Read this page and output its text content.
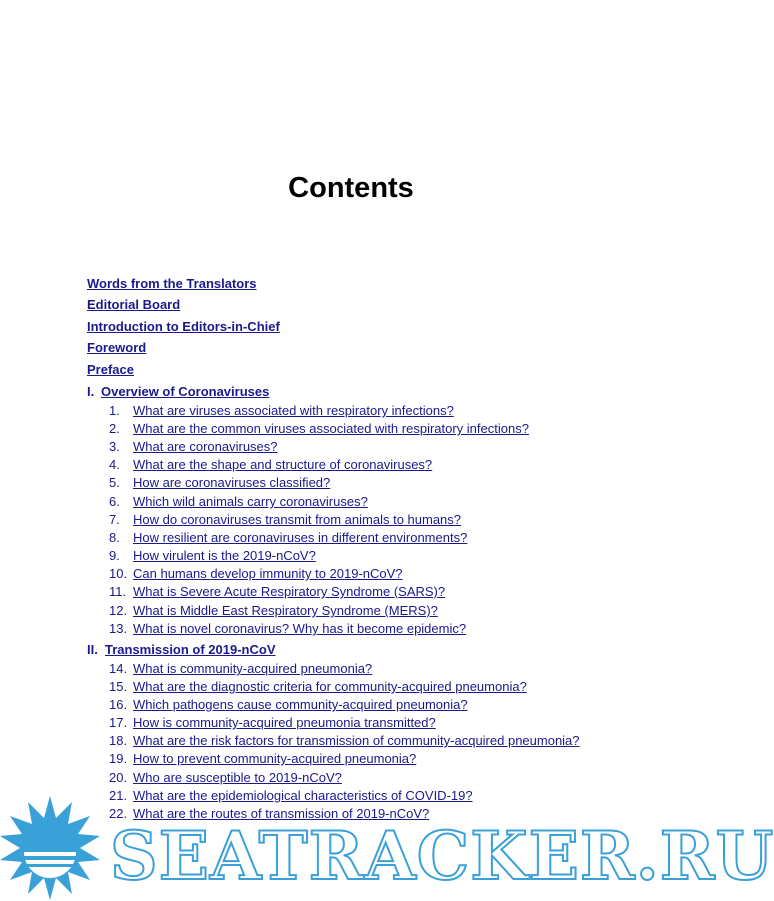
Contents
Words from the Translators
Editorial Board
Introduction to Editors-in-Chief
Foreword
Preface
I. Overview of Coronaviruses
1. What are viruses associated with respiratory infections?
2. What are the common viruses associated with respiratory infections?
3. What are coronaviruses?
4. What are the shape and structure of coronaviruses?
5. How are coronaviruses classified?
6. Which wild animals carry coronaviruses?
7. How do coronaviruses transmit from animals to humans?
8. How resilient are coronaviruses in different environments?
9. How virulent is the 2019-nCoV?
10. Can humans develop immunity to 2019-nCoV?
11. What is Severe Acute Respiratory Syndrome (SARS)?
12. What is Middle East Respiratory Syndrome (MERS)?
13. What is novel coronavirus? Why has it become epidemic?
II. Transmission of 2019-nCoV
14. What is community-acquired pneumonia?
15. What are the diagnostic criteria for community-acquired pneumonia?
16. Which pathogens cause community-acquired pneumonia?
17. How is community-acquired pneumonia transmitted?
18. What are the risk factors for transmission of community-acquired pneumonia?
19. How to prevent community-acquired pneumonia?
20. Who are susceptible to 2019-nCoV?
21. What are the epidemiological characteristics of COVID-19?
22. What are the routes of transmission of 2019-nCoV?
SEATRACKER.RU
